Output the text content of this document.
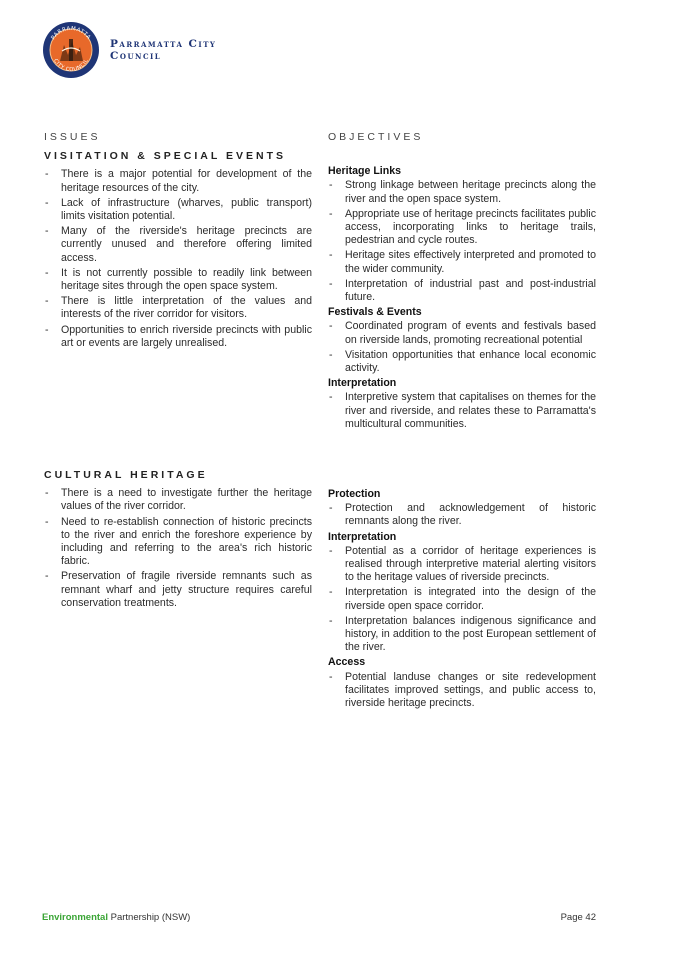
PARRAMATTA
CITY COUNCIL
Parramatta City Council
ISSUES
VISITATION & SPECIAL EVENTS
- There is a major potential for development of the heritage resources of the city.
- Lack of infrastructure (wharves, public transport) limits visitation potential.
- Many of the riverside's heritage precincts are currently unused and therefore offering limited access.
- It is not currently possible to readily link between heritage sites through the open space system.
- There is little interpretation of the values and interests of the river corridor for visitors.
- Opportunities to enrich riverside precincts with public art or events are largely unrealised.
CULTURAL HERITAGE
- There is a need to investigate further the heritage values of the river corridor.
- Need to re-establish connection of historic precincts to the river and enrich the foreshore experience by including and referring to the area's rich historic fabric.
- Preservation of fragile riverside remnants such as remnant wharf and jetty structure requires careful conservation treatments.
OBJECTIVES
Heritage Links
- Strong linkage between heritage precincts along the river and the open space system.
- Appropriate use of heritage precincts facilitates public access, incorporating links to heritage trails, pedestrian and cycle routes.
- Heritage sites effectively interpreted and promoted to the wider community.
- Interpretation of industrial past and post-industrial future.
Festivals & Events
- Coordinated program of events and festivals based on riverside lands, promoting recreational potential
- Visitation opportunities that enhance local economic activity.
Interpretation
- Interpretive system that capitalises on themes for the river and riverside, and relates these to Parramatta's multicultural communities.
Protection
- Protection and acknowledgement of historic remnants along the river.
Interpretation
- Potential as a corridor of heritage experiences is realised through interpretive material alerting visitors to the heritage values of riverside precincts.
- Interpretation is integrated into the design of the riverside open space corridor.
- Interpretation balances indigenous significance and history, in addition to the post European settlement of the river.
Access
- Potential landuse changes or site redevelopment facilitates improved settings, and public access to, riverside heritage precincts.
Environmental Partnership (NSW)	Page 42
